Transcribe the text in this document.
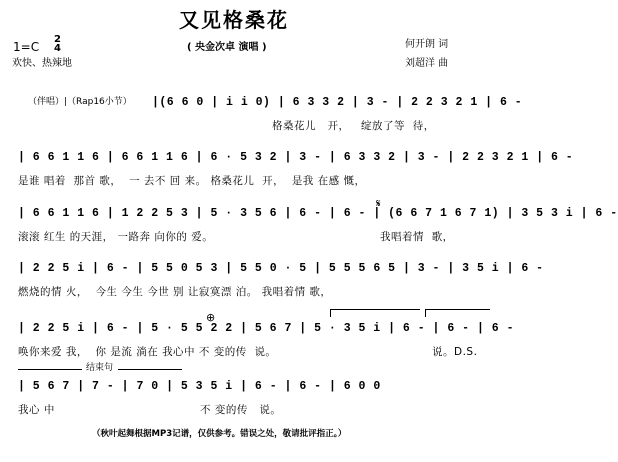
又见格桑花
( 央金次卓 演唱 )
1=C
2
4
欢快、热辣地
何开朗 词
刘超洋 曲
（伴唱）|（Rap16小节） |(6 6 0 | i i 0) | 6 3 3 2 | 3 - | 2 2 3 2 1 | 6 -
格桑花儿 开， 绽放了等 待，
| 6 6 1 1 6 | 6 6 1 1 6 | 6 · 5 3 2 | 3 - | 6 3 3 2 | 3 - | 2 2 3 2 1 | 6 -
是谁 唱着 那首 歌， 一 去不 回 来。 格桑花儿 开， 是我 在感 慨，
| 6 6 1 1 6 | 1 2 2 5 3 | 5 · 3 5 6 | 6 - | 6 - | (6 6 7 1 6 7 1) | 3 5 3 i | 6 -
滚滚 红生 的天涯， 一路奔 向你的 爱。	我唱着情 歌，
| 2 2 5 i | 6 - | 5 5 0 5 3 | 5 5 0 · 5 | 5 5 5 6 5 | 3 - | 3 5 i | 6 -
燃烧的情 火， 今生 今生 今世 别 让寂寞漂 泊。 我唱着情 歌，
| 2 2 5 i | 6 - | 5 · 5 5 2 2 | 5 6 7 | 5 · 3 5 i | 6 - | 6 - | 6 -
唤你来爱 我， 你 是流 淌在 我心中 不 变的传 说。	说。D.S.
结束句
| 5 6 7 | 7 - | 7 0 | 5 3 5 i | 6 - | 6 - | 6 0 0
我心 中	不 变的传 说。
⊕
𝄋
（秋叶起舞根据MP3记谱，仅供参考。错误之处，敬请批评指正。）
